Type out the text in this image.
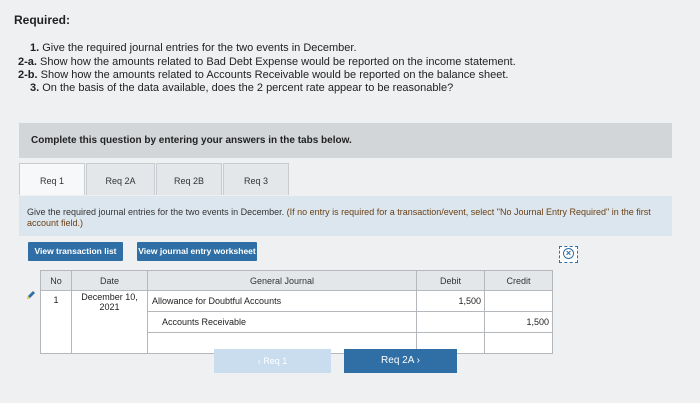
Required:
1. Give the required journal entries for the two events in December.
2-a. Show how the amounts related to Bad Debt Expense would be reported on the income statement.
2-b. Show how the amounts related to Accounts Receivable would be reported on the balance sheet.
3. On the basis of the data available, does the 2 percent rate appear to be reasonable?
Complete this question by entering your answers in the tabs below.
Req 1	Req 2A	Req 2B	Req 3
Give the required journal entries for the two events in December. (If no entry is required for a transaction/event, select "No Journal Entry Required" in the first account field.)
View transaction list	View journal entry worksheet	×
No	Date	General Journal	Debit	Credit
1	December 10, 2021	Allowance for Doubtful Accounts	1,500	
		Accounts Receivable		1,500

‹ Req 1	Req 2A ›
